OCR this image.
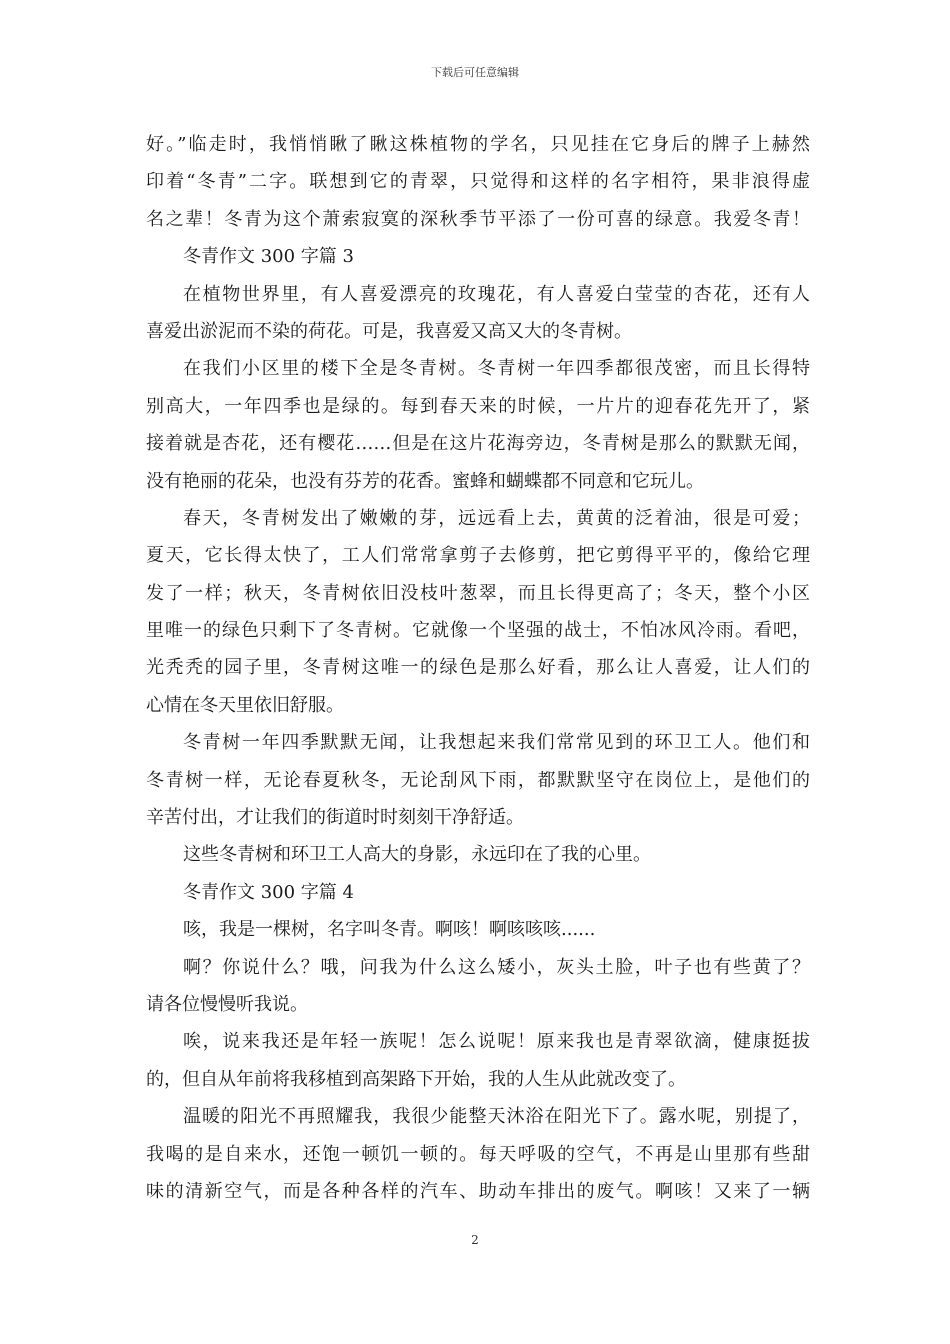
下载后可任意编辑
好。”临走时，我悄悄瞅了瞅这株植物的学名，只见挂在它身后的牌子上赫然
印着“冬青”二字。联想到它的青翠，只觉得和这样的名字相符，果非浪得虚
名之辈！冬青为这个萧索寂寞的深秋季节平添了一份可喜的绿意。我爱冬青！
冬青作文 300 字篇 3
在植物世界里，有人喜爱漂亮的玫瑰花，有人喜爱白莹莹的杏花，还有人
喜爱出淤泥而不染的荷花。可是，我喜爱又高又大的冬青树。
在我们小区里的楼下全是冬青树。冬青树一年四季都很茂密，而且长得特
别高大，一年四季也是绿的。每到春天来的时候，一片片的迎春花先开了，紧
接着就是杏花，还有樱花……但是在这片花海旁边，冬青树是那么的默默无闻，
没有艳丽的花朵，也没有芬芳的花香。蜜蜂和蝴蝶都不同意和它玩儿。
春天，冬青树发出了嫩嫩的芽，远远看上去，黄黄的泛着油，很是可爱；
夏天，它长得太快了，工人们常常拿剪子去修剪，把它剪得平平的，像给它理
发了一样；秋天，冬青树依旧没枝叶葱翠，而且长得更高了；冬天，整个小区
里唯一的绿色只剩下了冬青树。它就像一个坚强的战士，不怕冰风冷雨。看吧，
光秃秃的园子里，冬青树这唯一的绿色是那么好看，那么让人喜爱，让人们的
心情在冬天里依旧舒服。
冬青树一年四季默默无闻，让我想起来我们常常见到的环卫工人。他们和
冬青树一样，无论春夏秋冬，无论刮风下雨，都默默坚守在岗位上，是他们的
辛苦付出，才让我们的街道时时刻刻干净舒适。
这些冬青树和环卫工人高大的身影，永远印在了我的心里。
冬青作文 300 字篇 4
咳，我是一棵树，名字叫冬青。啊咳！啊咳咳咳......
啊？你说什么？哦，问我为什么这么矮小，灰头土脸，叶子也有些黄了？
请各位慢慢听我说。
唉，说来我还是年轻一族呢！怎么说呢！原来我也是青翠欲滴，健康挺拔
的，但自从年前将我移植到高架路下开始，我的人生从此就改变了。
温暖的阳光不再照耀我，我很少能整天沐浴在阳光下了。露水呢，别提了，
我喝的是自来水，还饱一顿饥一顿的。每天呼吸的空气，不再是山里那有些甜
味的清新空气，而是各种各样的汽车、助动车排出的废气。啊咳！又来了一辆
2
